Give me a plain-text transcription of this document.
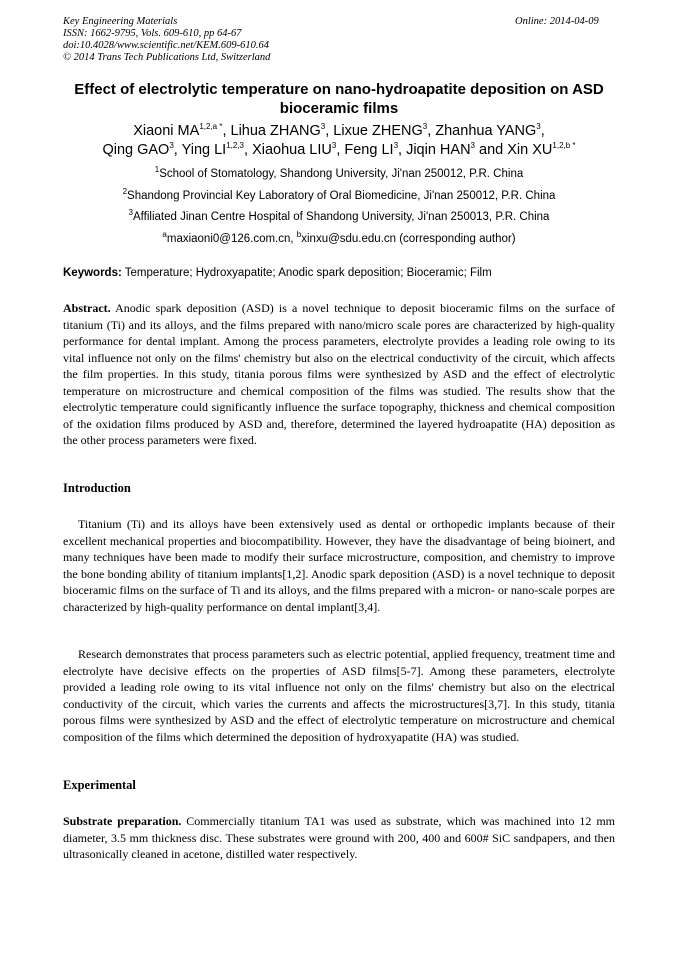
Key Engineering Materials
ISSN: 1662-9795, Vols. 609-610, pp 64-67
doi:10.4028/www.scientific.net/KEM.609-610.64
© 2014 Trans Tech Publications Ltd, Switzerland
Online: 2014-04-09
Effect of electrolytic temperature on nano-hydroapatite deposition on ASD bioceramic films
Xiaoni $MA^{1,2,a *}$, Lihua ZHANG$^3$, Lixue ZHENG$^3$, Zhanhua YANG$^3$,
Qing GAO$^3$, Ying LI$^{1,2,3}$, Xiaohua LIU$^3$, Feng $LI^3$, Jiqin HAN$^3$ and Xin $XU^{1,2,b *}$
$^1$School of Stomatology, Shandong University, Ji'nan 250012, P.R. China
$^2$Shandong Provincial Key Laboratory of Oral Biomedicine, Ji'nan 250012, P.R. China
$^3$Affiliated Jinan Centre Hospital of Shandong University, Ji'nan 250013, P.R. China
$^a$maxiaoni0@126.com.cn, $^b$xinxu@sdu.edu.cn (corresponding author)
Keywords: Temperature; Hydroxyapatite; Anodic spark deposition; Bioceramic; Film
Abstract. Anodic spark deposition (ASD) is a novel technique to deposit bioceramic films on the surface of titanium (Ti) and its alloys, and the films prepared with nano/micro scale pores are characterized by high-quality performance for dental implant. Among the process parameters, electrolyte provides a leading role owing to its vital influence not only on the films' chemistry but also on the electrical conductivity of the circuit, which affects the film properties. In this study, titania porous films were synthesized by ASD and the effect of electrolytic temperature on microstructure and chemical composition of the films was studied. The results show that the electrolytic temperature could significantly influence the surface topography, thickness and chemical composition of the oxidation films produced by ASD and, therefore, determined the layered hydroapatite (HA) deposition as the other process parameters were fixed.
Introduction
Titanium (Ti) and its alloys have been extensively used as dental or orthopedic implants because of their excellent mechanical properties and biocompatibility. However, they have the disadvantage of being bioinert, and many techniques have been made to modify their surface microstructure, composition, and chemistry to improve the bone bonding ability of titanium implants[1,2]. Anodic spark deposition (ASD) is a novel technique to deposit bioceramic films on the surface of Ti and its alloys, and the films prepared with a micron- or nano-scale porpes are characterized by high-quality performance on dental implant[3,4].
Research demonstrates that process parameters such as electric potential, applied frequency, treatment time and electrolyte have decisive effects on the properties of ASD films[5-7]. Among these parameters, electrolyte provided a leading role owing to its vital influence not only on the films' chemistry but also on the electrical conductivity of the circuit, which varies the currents and affects the microstructures[3,7]. In this study, titania porous films were synthesized by ASD and the effect of electrolytic temperature on microstructure and chemical composition of the films which determined the deposition of hydroxyapatite (HA) was studied.
Experimental
Substrate preparation. Commercially titanium TA1 was used as substrate, which was machined into 12 mm diameter, 3.5 mm thickness disc. These substrates were ground with 200, 400 and 600# SiC sandpapers, and then ultrasonically cleaned in acetone, distilled water respectively.
